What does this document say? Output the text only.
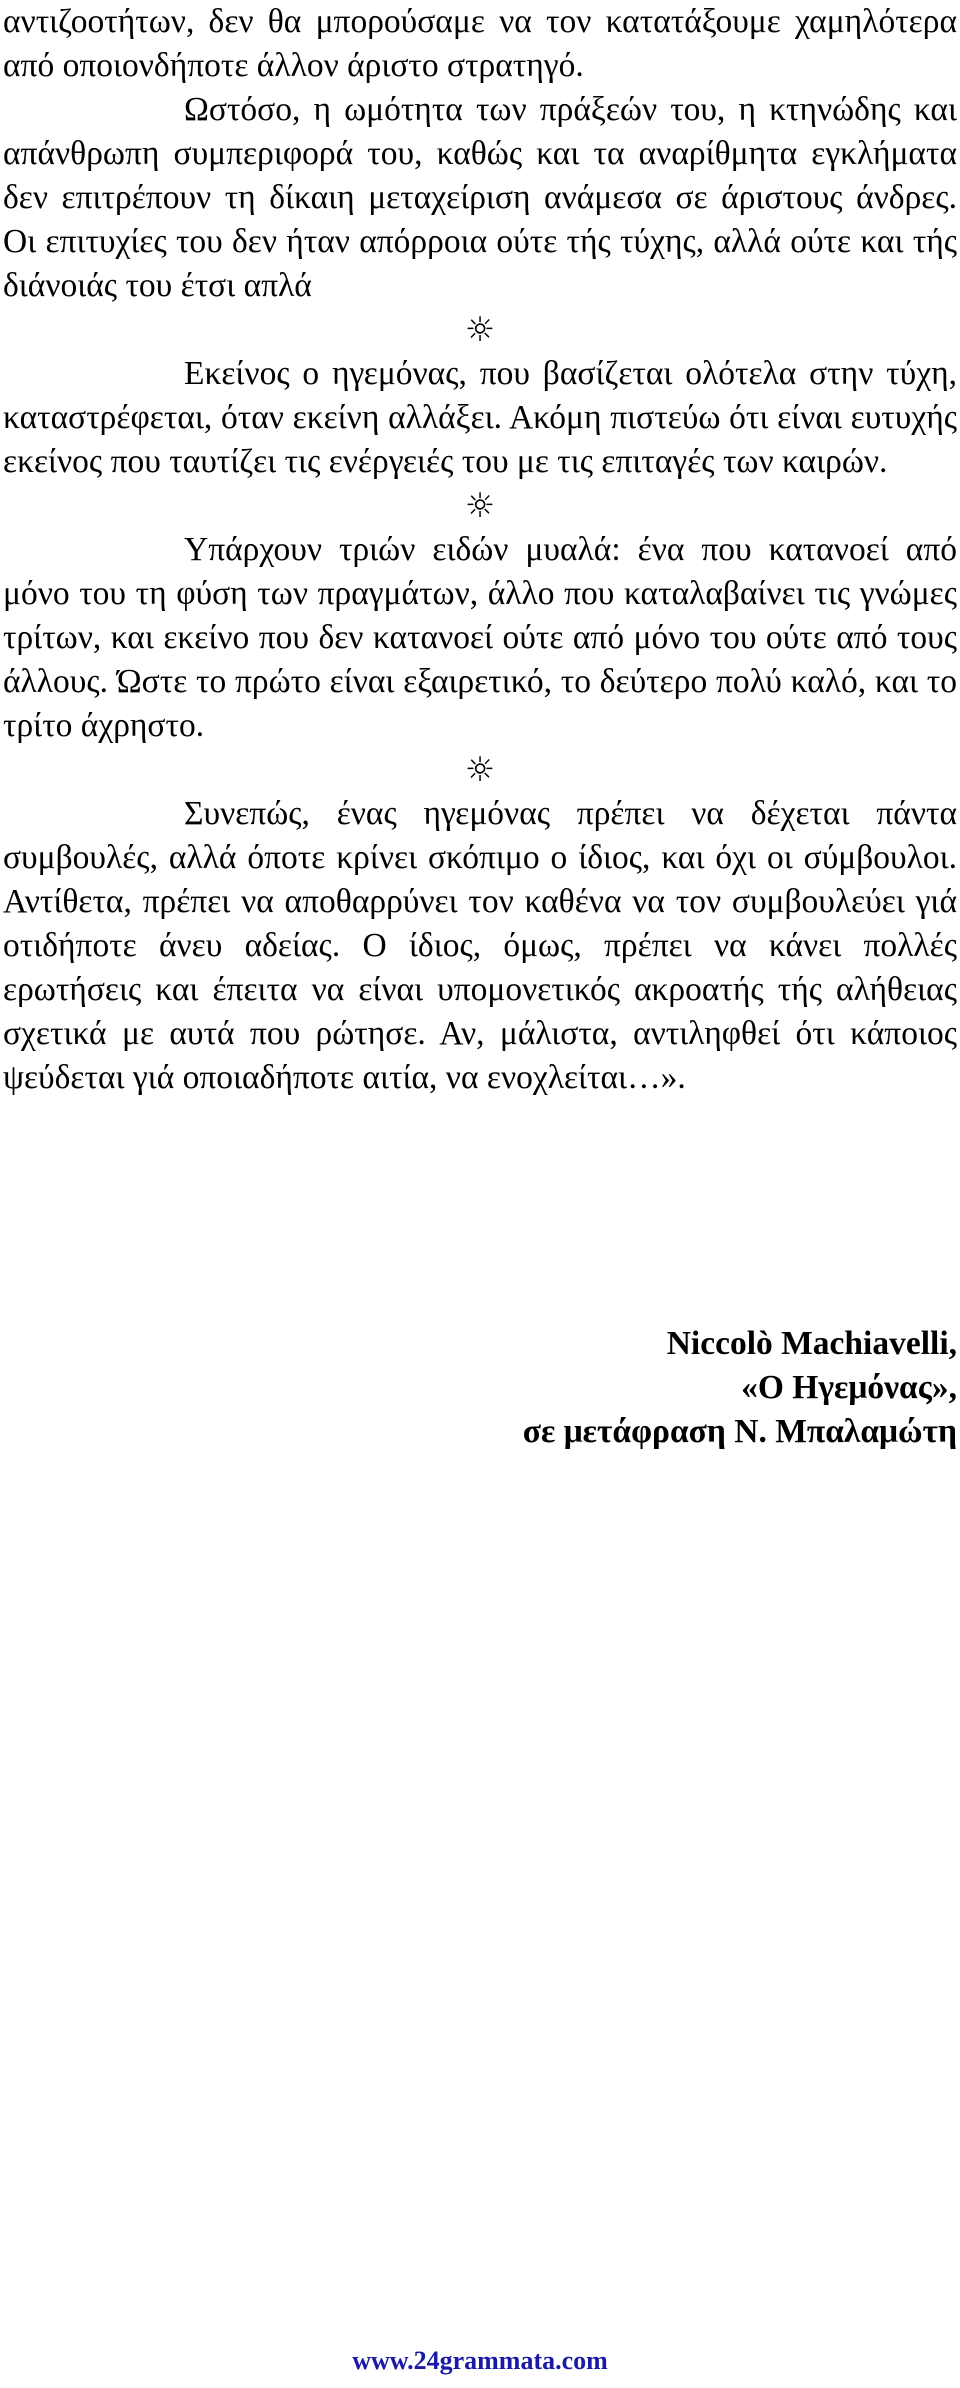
αντιζοοτήτων, δεν θα μπορούσαμε να τον κατατάξουμε χαμηλότερα από οποιονδήποτε άλλον άριστο στρατηγό.

Ωστόσο, η ωμότητα των πράξεών του, η κτηνώδης και απάνθρωπη συμπεριφορά του, καθώς και τα αναρίθμητα εγκλήματα δεν επιτρέπουν τη δίκαιη μεταχείριση ανάμεσα σε άριστους άνδρες. Οι επιτυχίες του δεν ήταν απόρροια ούτε τής τύχης, αλλά ούτε και τής διάνοιάς του έτσι απλά

☼

Εκείνος ο ηγεμόνας, που βασίζεται ολότελα στην τύχη, καταστρέφεται, όταν εκείνη αλλάξει. Ακόμη πιστεύω ότι είναι ευτυχής εκείνος που ταυτίζει τις ενέργειές του με τις επιταγές των καιρών.

☼

Υπάρχουν τριών ειδών μυαλά: ένα που κατανοεί από μόνο του τη φύση των πραγμάτων, άλλο που καταλαβαίνει τις γνώμες τρίτων, και εκείνο που δεν κατανοεί ούτε από μόνο του ούτε από τους άλλους. Ώστε το πρώτο είναι εξαιρετικό, το δεύτερο πολύ καλό, και το τρίτο άχρηστο.

☼

Συνεπώς, ένας ηγεμόνας πρέπει να δέχεται πάντα συμβουλές, αλλά όποτε κρίνει σκόπιμο ο ίδιος, και όχι οι σύμβουλοι. Αντίθετα, πρέπει να αποθαρρύνει τον καθένα να τον συμβουλεύει γιά οτιδήποτε άνευ αδείας. Ο ίδιος, όμως, πρέπει να κάνει πολλές ερωτήσεις και έπειτα να είναι υπομονετικός ακροατής τής αλήθειας σχετικά με αυτά που ρώτησε. Αν, μάλιστα, αντιληφθεί ότι κάποιος ψεύδεται γιά οποιαδήποτε αιτία, να ενοχλείται…».

Niccolò Machiavelli,
«Ο Ηγεμόνας»,
σε μετάφραση Ν. Μπαλαμώτη
www.24grammata.com
